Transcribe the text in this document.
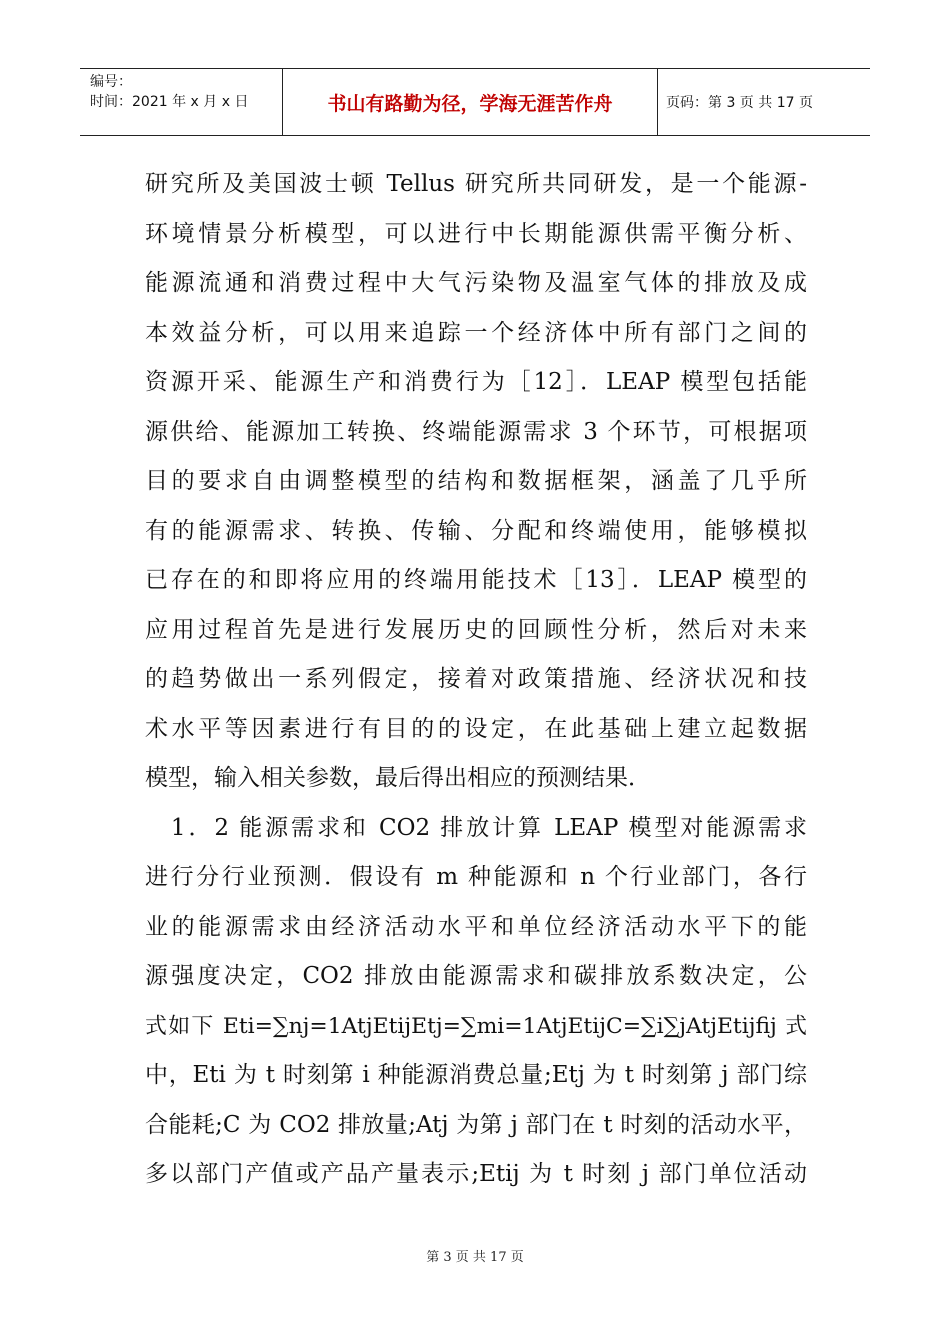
编号：
时间：2021 年 x 月 x 日	书山有路勤为径，学海无涯苦作舟	页码：第 3 页 共 17 页

研究所及美国波士顿 Tellus 研究所共同研发，是一个能源-

环境情景分析模型，可以进行中长期能源供需平衡分析、

能源流通和消费过程中大气污染物及温室气体的排放及成

本效益分析，可以用来追踪一个经济体中所有部门之间的

资源开采、能源生产和消费行为［12］．LEAP 模型包括能

源供给、能源加工转换、终端能源需求 3 个环节，可根据项

目的要求自由调整模型的结构和数据框架，涵盖了几乎所

有的能源需求、转换、传输、分配和终端使用，能够模拟

已存在的和即将应用的终端用能技术［13］．LEAP 模型的

应用过程首先是进行发展历史的回顾性分析，然后对未来

的趋势做出一系列假定，接着对政策措施、经济状况和技

术水平等因素进行有目的的设定，在此基础上建立起数据

模型，输入相关参数，最后得出相应的预测结果．

　1．2 能源需求和 CO2 排放计算 LEAP 模型对能源需求

进行分行业预测．假设有 m 种能源和 n 个行业部门，各行

业的能源需求由经济活动水平和单位经济活动水平下的能

源强度决定，CO2 排放由能源需求和碳排放系数决定，公

式如下 Eti=∑nj=1AtjEtijEtj=∑mi=1AtjEtijC=∑i∑jAtjEtijfij 式

中，Eti 为 t 时刻第 i 种能源消费总量;Etj 为 t 时刻第 j 部门综

合能耗;C 为 CO2 排放量;Atj 为第 j 部门在 t 时刻的活动水平，

多以部门产值或产品产量表示;Etij 为 t 时刻 j 部门单位活动

第 3 页 共 17 页
